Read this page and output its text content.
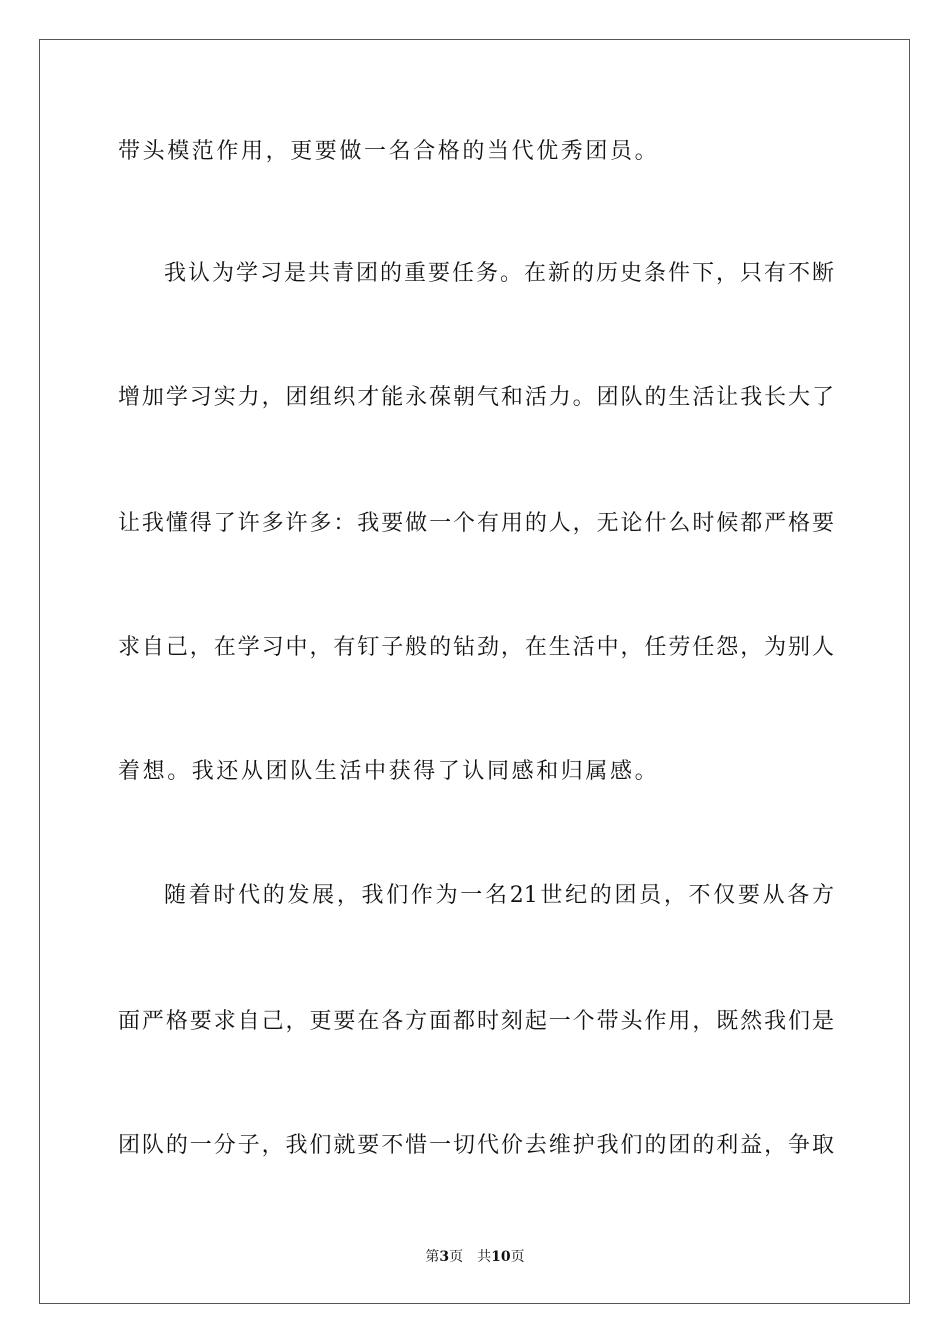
带头模范作用，更要做一名合格的当代优秀团员。
我认为学习是共青团的重要任务。在新的历史条件下，只有不断
增加学习实力，团组织才能永葆朝气和活力。团队的生活让我长大了
让我懂得了许多许多：我要做一个有用的人，无论什么时候都严格要
求自己，在学习中，有钉子般的钻劲，在生活中，任劳任怨，为别人
着想。我还从团队生活中获得了认同感和归属感。
随着时代的发展，我们作为一名21世纪的团员，不仅要从各方
面严格要求自己，更要在各方面都时刻起一个带头作用，既然我们是
团队的一分子，我们就要不惜一切代价去维护我们的团的利益，争取
第3页 共10页
